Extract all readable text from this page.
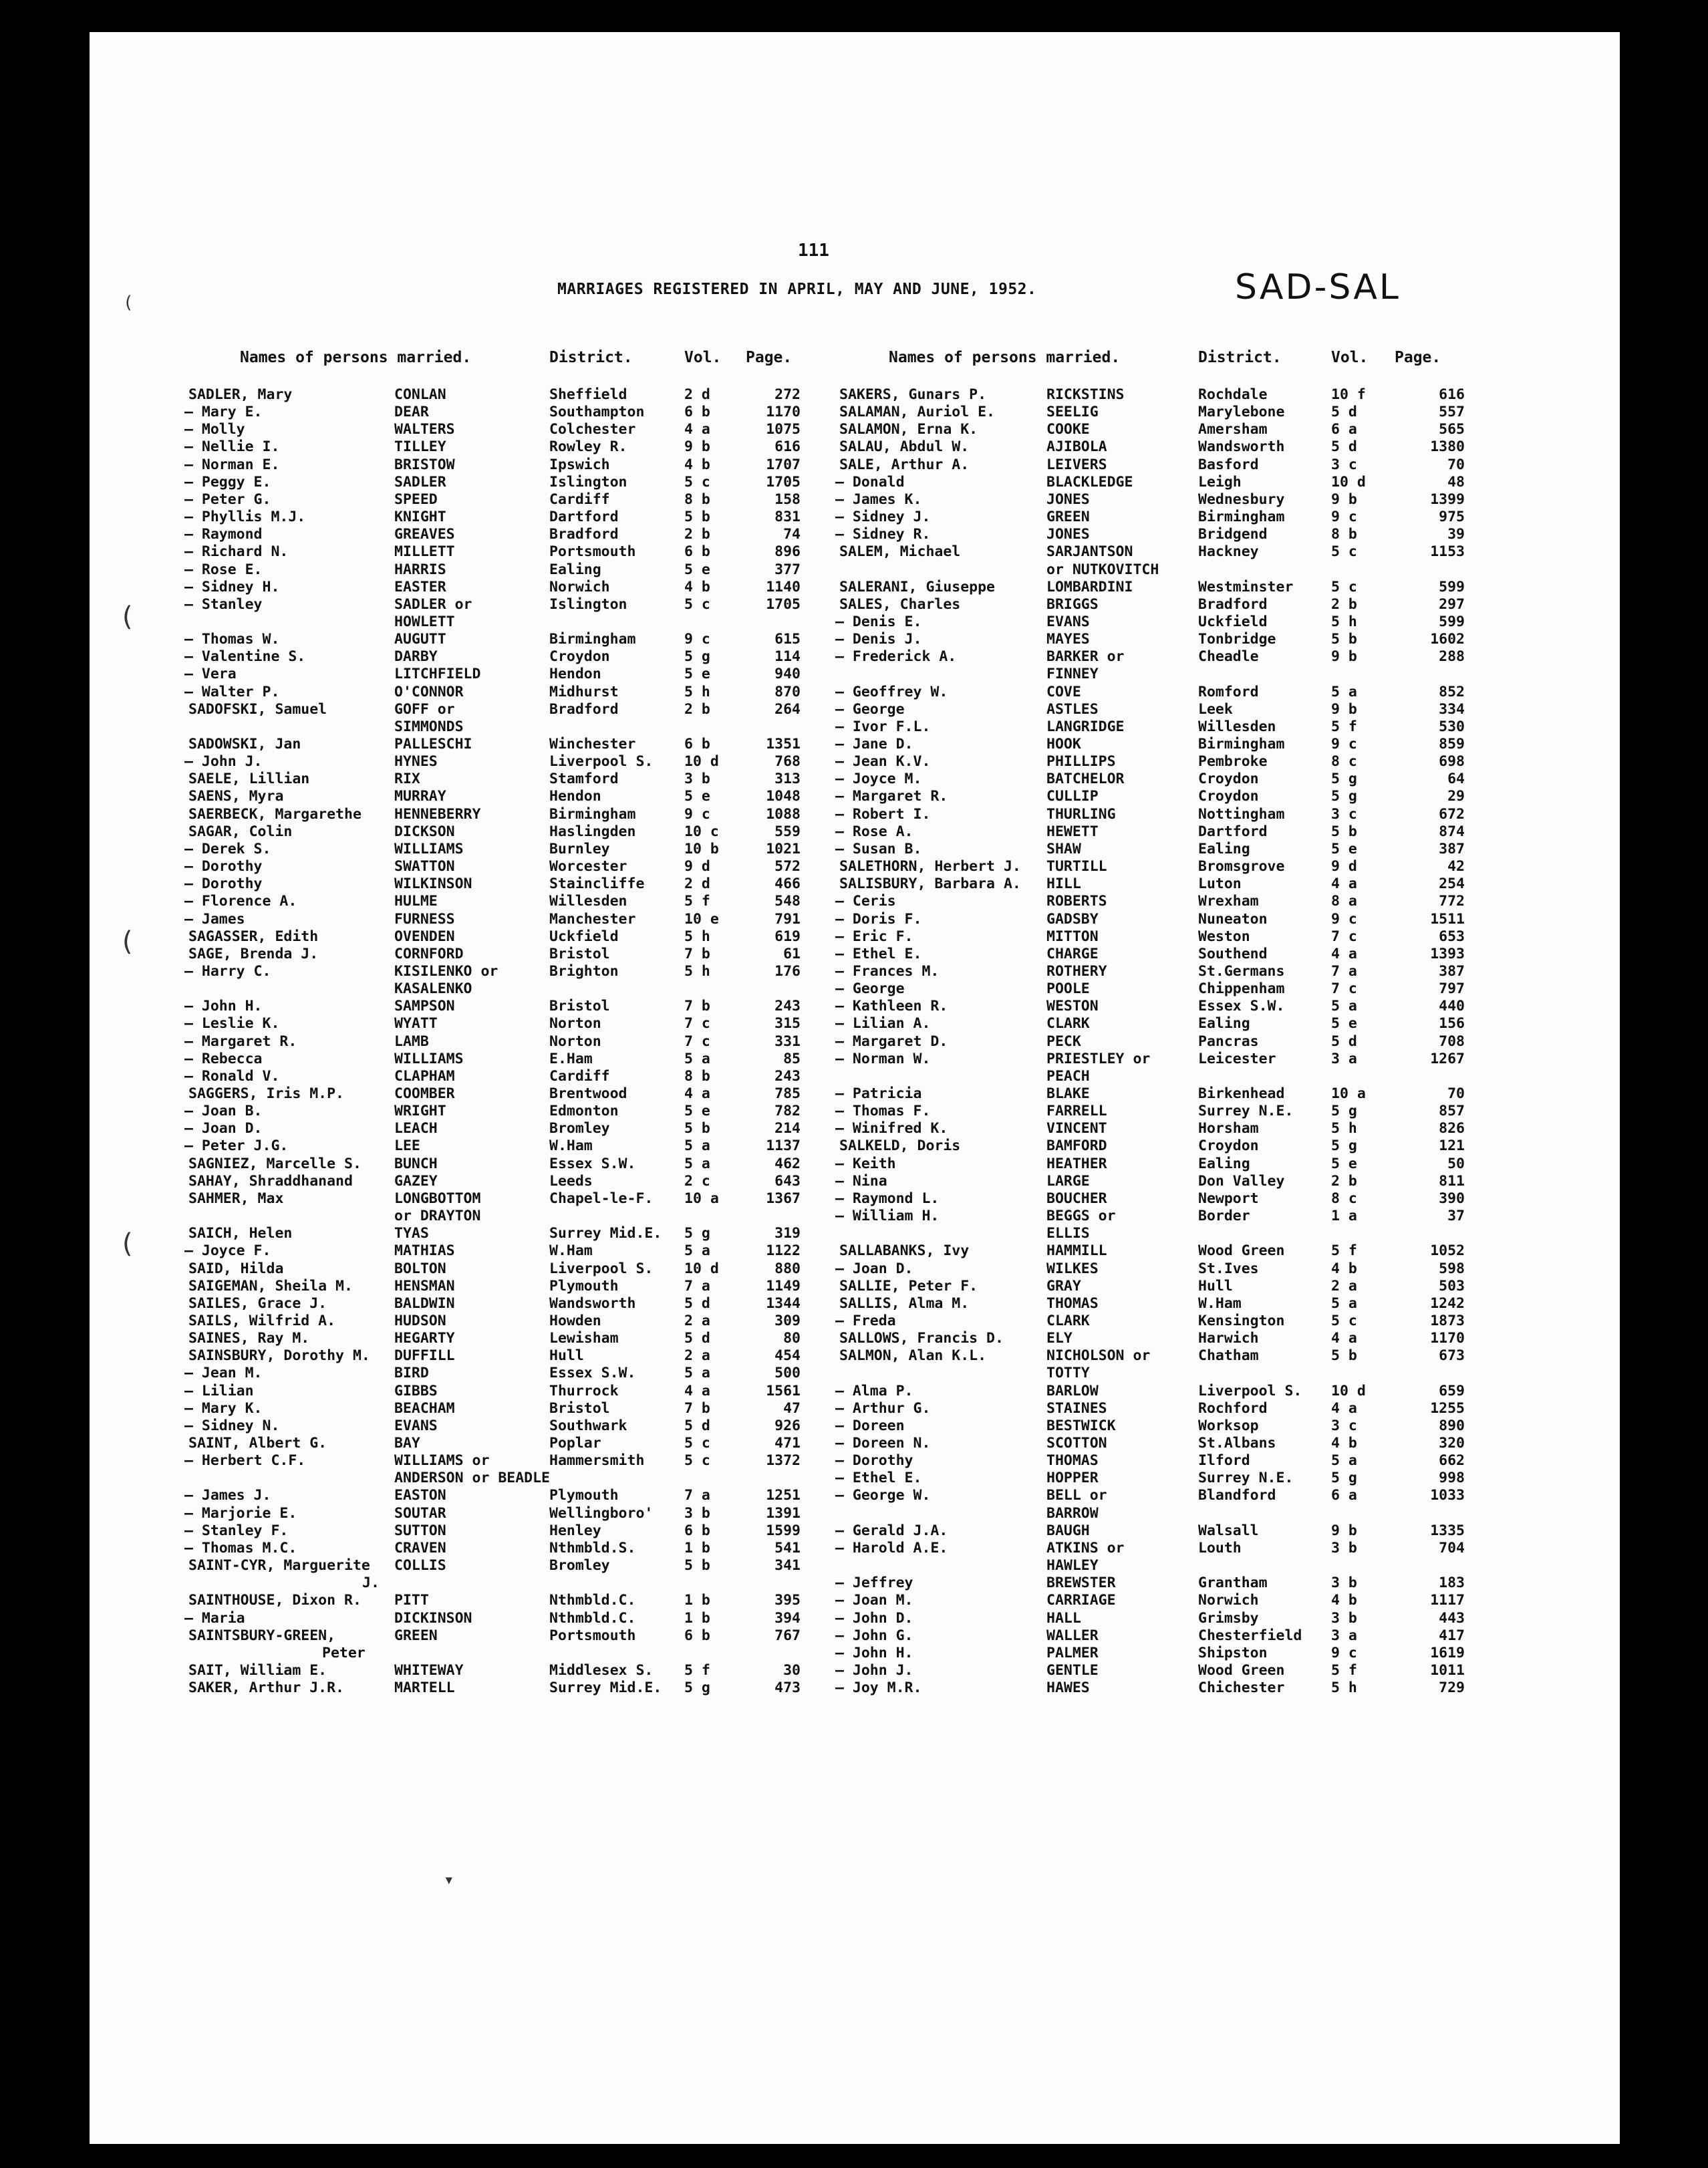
111
MARRIAGES REGISTERED IN APRIL, MAY AND JUNE, 1952.	SAD-SAL
Names of persons married.	District.	Vol. Page.	Names of persons married.	District.	Vol. Page.
SADLER, Mary	CONLAN	Sheffield	2 d	272
— Mary E.	DEAR	Southampton	6 b	1170
— Molly	WALTERS	Colchester	4 a	1075
— Nellie I.	TILLEY	Rowley R.	9 b	616
— Norman E.	BRISTOW	Ipswich	4 b	1707
— Peggy E.	SADLER	Islington	5 c	1705
— Peter G.	SPEED	Cardiff	8 b	158
— Phyllis M.J.	KNIGHT	Dartford	5 b	831
— Raymond	GREAVES	Bradford	2 b	74
— Richard N.	MILLETT	Portsmouth	6 b	896
— Rose E.	HARRIS	Ealing	5 e	377
— Sidney H.	EASTER	Norwich	4 b	1140
— Stanley	SADLER or	Islington	5 c	1705
HOWLETT
— Thomas W.	AUGUTT	Birmingham	9 c	615
— Valentine S.	DARBY	Croydon	5 g	114
— Vera	LITCHFIELD	Hendon	5 e	940
— Walter P.	O'CONNOR	Midhurst	5 h	870
SADOFSKI, Samuel	GOFF or	Bradford	2 b	264
SIMMONDS
SADOWSKI, Jan	PALLESCHI	Winchester	6 b	1351
— John J.	HYNES	Liverpool S. 10 d	768
SAELE, Lillian	RIX	Stamford	3 b	313
SAENS, Myra	MURRAY	Hendon	5 e	1048
SAERBECK, Margarethe HENNEBERRY	Birmingham	9 c	1088
SAGAR, Colin	DICKSON	Haslingden	10 c	559
— Derek S.	WILLIAMS	Burnley	10 b	1021
— Dorothy	SWATTON	Worcester	9 d	572
— Dorothy	WILKINSON	Staincliffe	2 d	466
— Florence A.	HULME	Willesden	5 f	548
— James	FURNESS	Manchester	10 e	791
SAGASSER, Edith	OVENDEN	Uckfield	5 h	619
SAGE, Brenda J.	CORNFORD	Bristol	7 b	61
— Harry C.	KISILENKO or	Brighton	5 h	176
KASALENKO
— John H.	SAMPSON	Bristol	7 b	243
— Leslie K.	WYATT	Norton	7 c	315
— Margaret R.	LAMB	Norton	7 c	331
— Rebecca	WILLIAMS	E.Ham	5 a	85
— Ronald V.	CLAPHAM	Cardiff	8 b	243
SAGGERS, Iris M.P.	COOMBER	Brentwood	4 a	785
— Joan B.	WRIGHT	Edmonton	5 e	782
— Joan D.	LEACH	Bromley	5 b	214
— Peter J.G.	LEE	W.Ham	5 a	1137
SAGNIEZ, Marcelle S. BUNCH	Essex S.W.	5 a	462
SAHAY, Shraddhanand	GAZEY	Leeds	2 c	643
SAHMER, Max	LONGBOTTOM	Chapel-le-F. 10 a	1367
or DRAYTON
SAICH, Helen	TYAS	Surrey Mid.E. 5 g	319
— Joyce F.	MATHIAS	W.Ham	5 a	1122
SAID, Hilda	BOLTON	Liverpool S. 10 d	880
SAIGEMAN, Sheila M.	HENSMAN	Plymouth	7 a	1149
SAILES, Grace J.	BALDWIN	Wandsworth	5 d	1344
SAILS, Wilfrid A.	HUDSON	Howden	2 a	309
SAINES, Ray M.	HEGARTY	Lewisham	5 d	80
SAINSBURY, Dorothy M. DUFFILL	Hull	2 a	454
— Jean M.	BIRD	Essex S.W.	5 a	500
— Lilian	GIBBS	Thurrock	4 a	1561
— Mary K.	BEACHAM	Bristol	7 b	47
— Sidney N.	EVANS	Southwark	5 d	926
SAINT, Albert G.	BAY	Poplar	5 c	471
— Herbert C.F.	WILLIAMS or	Hammersmith	5 c	1372
ANDERSON or BEADLE
— James J.	EASTON	Plymouth	7 a	1251
— Marjorie E.	SOUTAR	Wellingboro' 3 b	1391
— Stanley F.	SUTTON	Henley	6 b	1599
— Thomas M.C.	CRAVEN	Nthmbld.S.	1 b	541
SAINT-CYR, Marguerite COLLIS	Bromley	5 b	341
J.
SAINTHOUSE, Dixon R. PITT	Nthmbld.C.	1 b	395
— Maria	DICKINSON	Nthmbld.C.	1 b	394
SAINTSBURY-GREEN,	GREEN	Portsmouth	6 b	767
Peter
SAIT, William E.	WHITEWAY	Middlesex S. 5 f	30
SAKER, Arthur J.R.	MARTELL	Surrey Mid.E. 5 g	473
SAKERS, Gunars P.	RICKSTINS	Rochdale	10 f	616
SALAMAN, Auriol E.	SEELIG	Marylebone	5 d	557
SALAMON, Erna K.	COOKE	Amersham	6 a	565
SALAU, Abdul W.	AJIBOLA	Wandsworth	5 d	1380
SALE, Arthur A.	LEIVERS	Basford	3 c	70
— Donald	BLACKLEDGE	Leigh	10 d	48
— James K.	JONES	Wednesbury	9 b	1399
— Sidney J.	GREEN	Birmingham	9 c	975
— Sidney R.	JONES	Bridgend	8 b	39
SALEM, Michael	SARJANTSON	Hackney	5 c	1153
or NUTKOVITCH
SALERANI, Giuseppe	LOMBARDINI	Westminster	5 c	599
SALES, Charles	BRIGGS	Bradford	2 b	297
— Denis E.	EVANS	Uckfield	5 h	599
— Denis J.	MAYES	Tonbridge	5 b	1602
— Frederick A.	BARKER or	Cheadle	9 b	288
FINNEY
— Geoffrey W.	COVE	Romford	5 a	852
— George	ASTLES	Leek	9 b	334
— Ivor F.L.	LANGRIDGE	Willesden	5 f	530
— Jane D.	HOOK	Birmingham	9 c	859
— Jean K.V.	PHILLIPS	Pembroke	8 c	698
— Joyce M.	BATCHELOR	Croydon	5 g	64
— Margaret R.	CULLIP	Croydon	5 g	29
— Robert I.	THURLING	Nottingham	3 c	672
— Rose A.	HEWETT	Dartford	5 b	874
— Susan B.	SHAW	Ealing	5 e	387
SALETHORN, Herbert J. TURTILL	Bromsgrove	9 d	42
SALISBURY, Barbara A. HILL	Luton	4 a	254
— Ceris	ROBERTS	Wrexham	8 a	772
— Doris F.	GADSBY	Nuneaton	9 c	1511
— Eric F.	MITTON	Weston	7 c	653
— Ethel E.	CHARGE	Southend	4 a	1393
— Frances M.	ROTHERY	St.Germans	7 a	387
— George	POOLE	Chippenham	7 c	797
— Kathleen R.	WESTON	Essex S.W.	5 a	440
— Lilian A.	CLARK	Ealing	5 e	156
— Margaret D.	PECK	Pancras	5 d	708
— Norman W.	PRIESTLEY or	Leicester	3 a	1267
PEACH
— Patricia	BLAKE	Birkenhead	10 a	70
— Thomas F.	FARRELL	Surrey N.E.	5 g	857
— Winifred K.	VINCENT	Horsham	5 h	826
SALKELD, Doris	BAMFORD	Croydon	5 g	121
— Keith	HEATHER	Ealing	5 e	50
— Nina	LARGE	Don Valley	2 b	811
— Raymond L.	BOUCHER	Newport	8 c	390
— William H.	BEGGS or	Border	1 a	37
ELLIS
SALLABANKS, Ivy	HAMMILL	Wood Green	5 f	1052
— Joan D.	WILKES	St.Ives	4 b	598
SALLIE, Peter F.	GRAY	Hull	2 a	503
SALLIS, Alma M.	THOMAS	W.Ham	5 a	1242
— Freda	CLARK	Kensington	5 c	1873
SALLOWS, Francis D.	ELY	Harwich	4 a	1170
SALMON, Alan K.L.	NICHOLSON or	Chatham	5 b	673
TOTTY
— Alma P.	BARLOW	Liverpool S. 10 d	659
— Arthur G.	STAINES	Rochford	4 a	1255
— Doreen	BESTWICK	Worksop	3 c	890
— Doreen N.	SCOTTON	St.Albans	4 b	320
— Dorothy	THOMAS	Ilford	5 a	662
— Ethel E.	HOPPER	Surrey N.E.	5 g	998
— George W.	BELL or	Blandford	6 a	1033
BARROW
— Gerald J.A.	BAUGH	Walsall	9 b	1335
— Harold A.E.	ATKINS or	Louth	3 b	704
HAWLEY
— Jeffrey	BREWSTER	Grantham	3 b	183
— Joan M.	CARRIAGE	Norwich	4 b	1117
— John D.	HALL	Grimsby	3 b	443
— John G.	WALLER	Chesterfield 3 a	417
— John H.	PALMER	Shipston	9 c	1619
— John J.	GENTLE	Wood Green	5 f	1011
— Joy M.R.	HAWES	Chichester	5 h	729
(
(
(
(
▾
